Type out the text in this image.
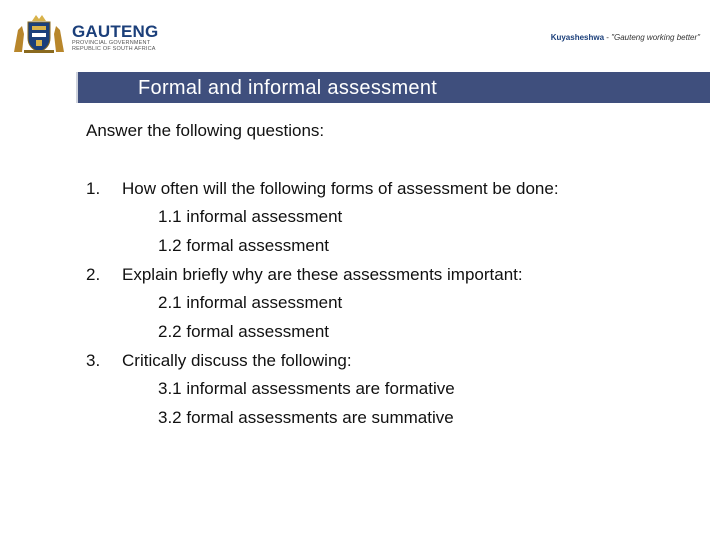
GAUTENG
PROVINCIAL GOVERNMENT
REPUBLIC OF SOUTH AFRICA
Kuyasheshwa - "Gauteng working better"
Formal and informal assessment
Answer the following questions:
1. How often will the following forms of assessment be done:
1.1 informal assessment
1.2 formal assessment
2. Explain briefly why are these assessments important:
2.1 informal assessment
2.2 formal assessment
3. Critically discuss the following:
3.1 informal assessments are formative
3.2 formal assessments are summative
